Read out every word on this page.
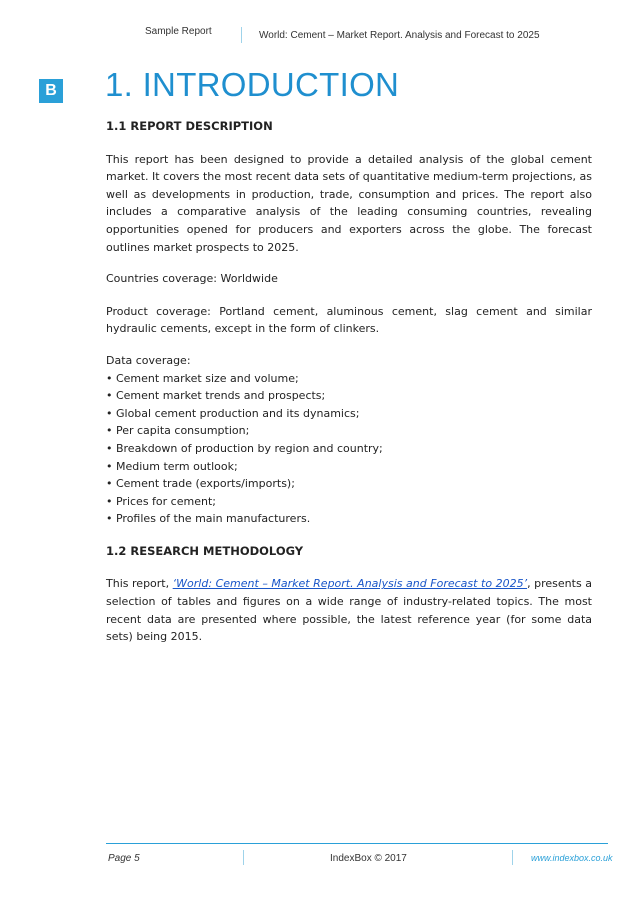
Sample Report	World: Cement – Market Report. Analysis and Forecast to 2025
B 1. INTRODUCTION
1.1 REPORT DESCRIPTION

This report has been designed to provide a detailed analysis of the global cement market. It covers the most recent data sets of quantitative medium-term projections, as well as developments in production, trade, consumption and prices. The report also includes a comparative analysis of the leading consuming countries, revealing opportunities opened for producers and exporters across the globe. The forecast outlines market prospects to 2025.

Countries coverage: Worldwide

Product coverage: Portland cement, aluminous cement, slag cement and similar hydraulic cements, except in the form of clinkers.

Data coverage:

• Cement market size and volume;
• Cement market trends and prospects;
• Global cement production and its dynamics;
• Per capita consumption;
• Breakdown of production by region and country;
• Medium term outlook;
• Cement trade (exports/imports);
• Prices for cement;
• Profiles of the main manufacturers.
1.2 RESEARCH METHODOLOGY

This report, ‘World: Cement – Market Report. Analysis and Forecast to 2025’, presents a selection of tables and figures on a wide range of industry-related topics. The most recent data are presented where possible, the latest reference year (for some data sets) being 2015.

Page 5	IndexBox © 2017	www.indexbox.co.uk
